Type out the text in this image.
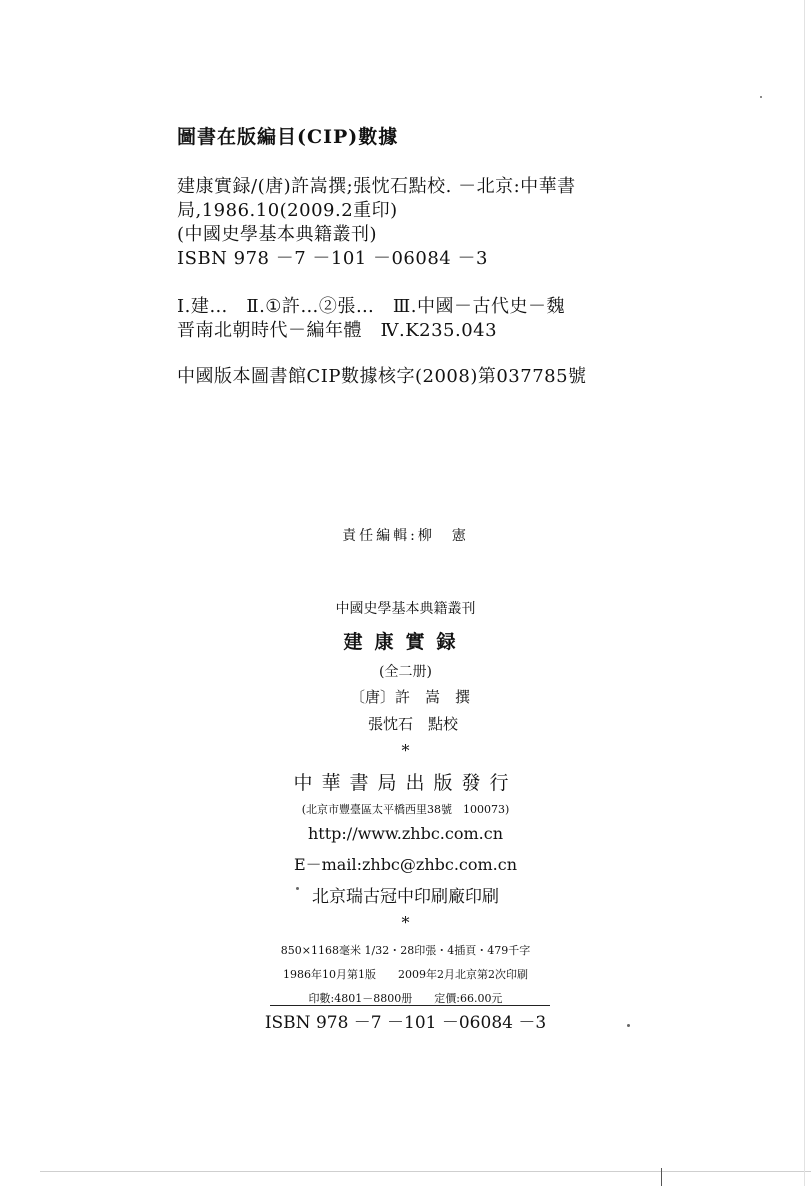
圖書在版編目(CIP)數據
建康實録/(唐)許嵩撰;張忱石點校. －北京:中華書
局,1986.10(2009.2重印)
(中國史學基本典籍叢刊)
ISBN 978 －7 －101 －06084 －3
Ⅰ.建…　Ⅱ.①許…②張…　Ⅲ.中國－古代史－魏
晋南北朝時代－編年體　Ⅳ.K235.043
中國版本圖書館CIP數據核字(2008)第037785號
責任編輯:柳　憲
中國史學基本典籍叢刊
建康實録
(全二册)
〔唐〕許　嵩　撰
張忱石　點校
*
中華書局出版發行
(北京市豐臺區太平橋西里38號　100073)
http://www.zhbc.com.cn
E－mail:zhbc@zhbc.com.cn
北京瑞古冠中印刷廠印刷
*
850×1168毫米 1/32・28印張・4插頁・479千字
1986年10月第1版　　2009年2月北京第2次印刷
印數:4801－8800册　　定價:66.00元
ISBN 978 －7 －101 －06084 －3
